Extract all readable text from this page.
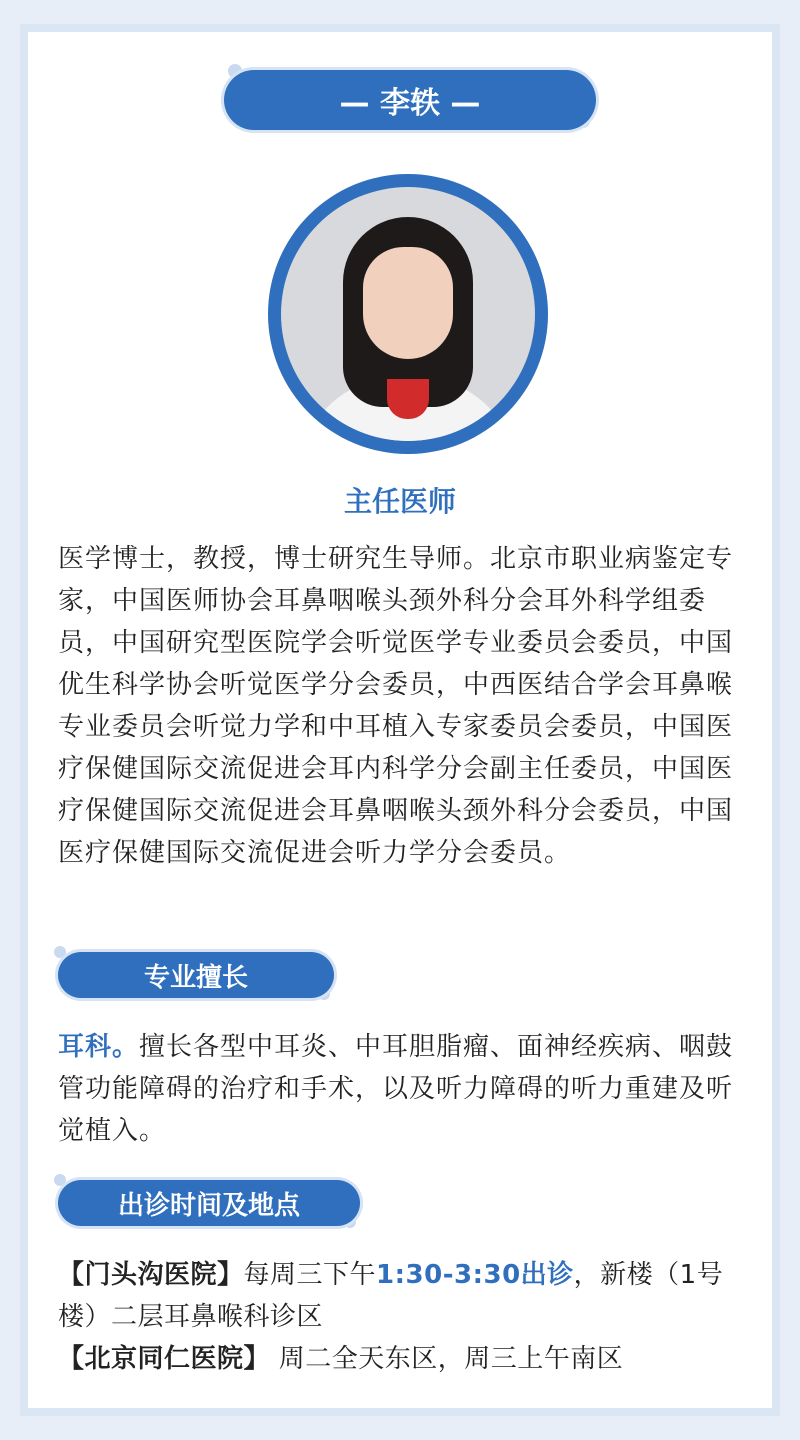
— 李轶 —
主任医师

医学博士，教授，博士研究生导师。北京市职业病鉴定专家，中国医师协会耳鼻咽喉头颈外科分会耳外科学组委员，中国研究型医院学会听觉医学专业委员会委员，中国优生科学协会听觉医学分会委员，中西医结合学会耳鼻喉专业委员会听觉力学和中耳植入专家委员会委员，中国医疗保健国际交流促进会耳内科学分会副主任委员，中国医疗保健国际交流促进会耳鼻咽喉头颈外科分会委员，中国医疗保健国际交流促进会听力学分会委员。

专业擅长

耳科。擅长各型中耳炎、中耳胆脂瘤、面神经疾病、咽鼓管功能障碍的治疗和手术，以及听力障碍的听力重建及听觉植入。

出诊时间及地点
【门头沟医院】每周三下午1:30-3:30出诊，新楼（1号楼）二层耳鼻喉科诊区
【北京同仁医院】 周二全天东区，周三上午南区
